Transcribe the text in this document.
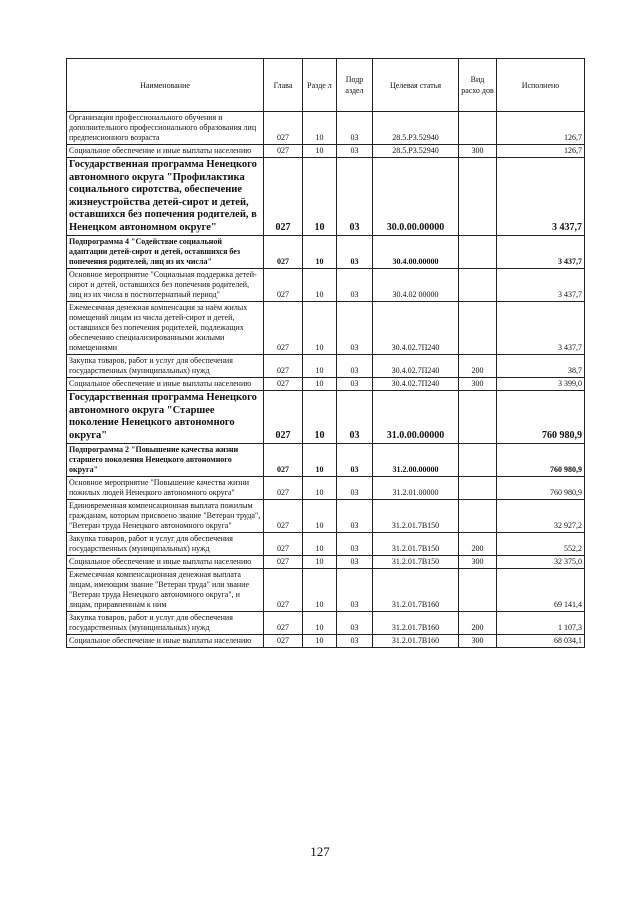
Наименование	Глава	Разде л	Подр аздел	Целевая статья	Вид расхо дов	Исполнено
Организация профессионального обучения и дополнительного профессионального образования лиц предпенсионного возраста	027	10	03	28.5.P3.52940		126,7
Социальное обеспечение и иные выплаты населению	027	10	03	28.5.P3.52940	300	126,7
Государственная программа Ненецкого автономного округа "Профилактика социального сиротства, обеспечение жизнеустройства детей-сирот и детей, оставшихся без попечения родителей, в Ненецком автономном округе"	027	10	03	30.0.00.00000		3 437,7
Подпрограмма 4 "Содействие социальной адаптации детей-сирот и детей, оставшихся без попечения родителей, лиц из их числа"	027	10	03	30.4.00.00000		3 437,7
Основное мероприятие "Социальная поддержка детей-сирот и детей, оставшихся без попечения родителей, лиц из их числа в постинтернатный период"	027	10	03	30.4.02 00000		3 437,7
Ежемесячная денежная компенсация за наём жилых помещений лицам из числа детей-сирот и детей, оставшихся без попечения родителей, подлежащих обеспечению специализированными жилыми помещениями	027	10	03	30.4.02.7П240		3 437,7
Закупка товаров, работ и услуг для обеспечения государственных (муниципальных) нужд	027	10	03	30.4.02.7П240	200	38,7
Социальное обеспечение и иные выплаты населению	027	10	03	30.4.02.7П240	300	3 399,0
Государственная программа Ненецкого автономного округа "Старшее поколение Ненецкого автономного округа"	027	10	03	31.0.00.00000		760 980,9
Подпрограмма 2 "Повышение качества жизни старшего поколения Ненецкого автономного округа"	027	10	03	31.2.00.00000		760 980,9
Основное мероприятие "Повышение качества жизни пожилых людей Ненецкого автономного округа"	027	10	03	31.2.01.00000		760 980,9
Единовременная компенсационная выплата пожилым гражданам, которым присвоено звание "Ветеран труда", "Ветеран труда Ненецкого автономного округа"	027	10	03	31.2.01.7В150		32 927,2
Закупка товаров, работ и услуг для обеспечения государственных (муниципальных) нужд	027	10	03	31.2.01.7В150	200	552,2
Социальное обеспечение и иные выплаты населению	027	10	03	31.2.01.7В150	300	32 375,0
Ежемесячная компенсационная денежная выплата лицам, имеющим звание "Ветеран труда" или звание "Ветеран труда Ненецкого автономного округа", и лицам, приравненным к ним	027	10	03	31.2.01.7В160		69 141,4
Закупка товаров, работ и услуг для обеспечения государственных (муниципальных) нужд	027	10	03	31.2.01.7В160	200	1 107,3
Социальное обеспечение и иные выплаты населению	027	10	03	31.2.01.7В160	300	68 034,1
127
